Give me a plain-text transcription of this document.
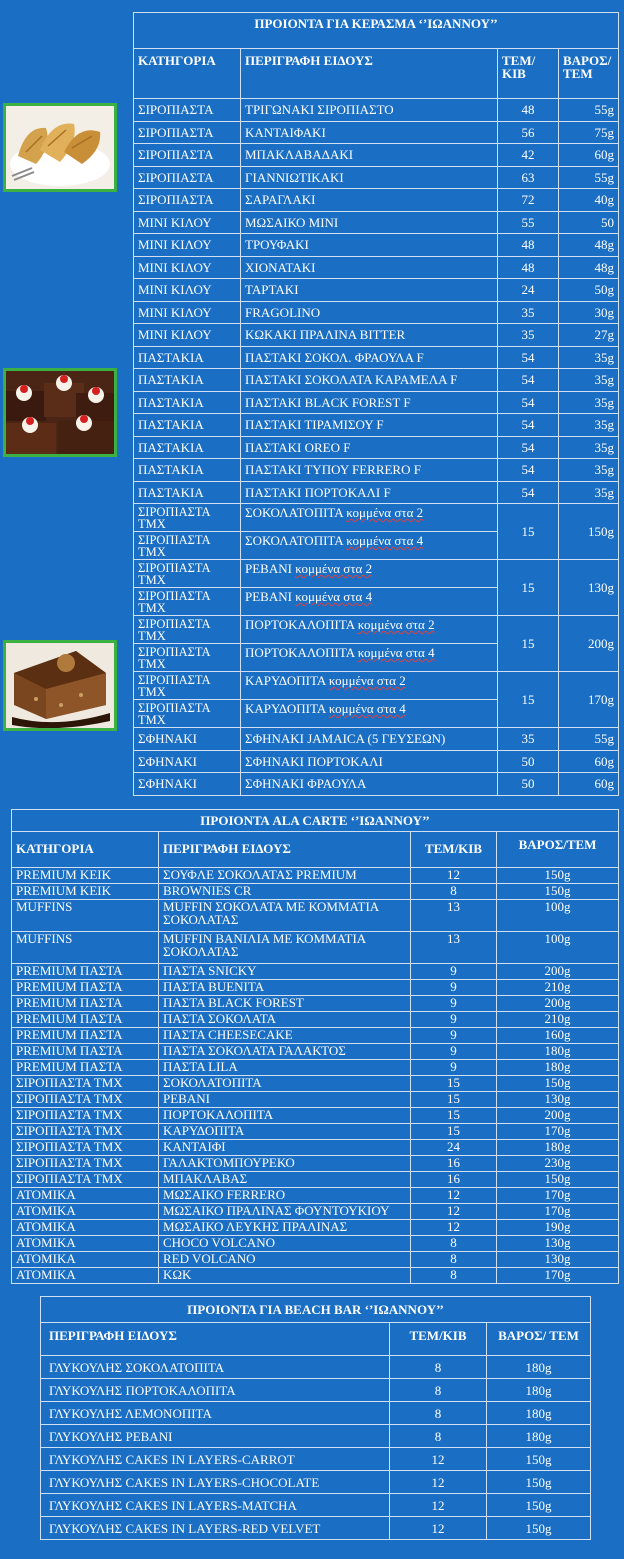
ΠΡΟΙΟΝΤΑ ΓΙΑ ΚΕΡΑΣΜΑ ‘’ΙΩΑΝΝΟΥ’’			
ΚΑΤΗΓΟΡΙΑ	ΠΕΡΙΓΡΑΦΗ ΕΙΔΟΥΣ	ΤΕΜ/ΚΙΒ	ΒΑΡΟΣ/ ΤΕΜ
ΣΙΡΟΠΙΑΣΤΑ	ΤΡΙΓΩΝΑΚΙ ΣΙΡΟΠΙΑΣΤΟ	48	55g
ΣΙΡΟΠΙΑΣΤΑ	ΚΑΝΤΑΙΦΑΚΙ	56	75g
ΣΙΡΟΠΙΑΣΤΑ	ΜΠΑΚΛΑΒΑΔΑΚΙ	42	60g
ΣΙΡΟΠΙΑΣΤΑ	ΓΙΑΝΝΙΩΤΙΚΑΚΙ	63	55g
ΣΙΡΟΠΙΑΣΤΑ	ΣΑΡΑΓΛΑΚΙ	72	40g
ΜΙΝΙ ΚΙΛΟΥ	ΜΩΣΑΙΚΟ ΜΙΝΙ	55	50
ΜΙΝΙ ΚΙΛΟΥ	ΤΡΟΥΦΑΚΙ	48	48g
ΜΙΝΙ ΚΙΛΟΥ	ΧΙΟΝΑΤΑΚΙ	48	48g
ΜΙΝΙ ΚΙΛΟΥ	ΤΑΡΤΑΚΙ	24	50g
ΜΙΝΙ ΚΙΛΟΥ	FRAGOLINO	35	30g
ΜΙΝΙ ΚΙΛΟΥ	ΚΩΚΑΚΙ ΠΡΑΛΙΝΑ BITTER	35	27g
ΠΑΣΤΑΚΙΑ	ΠΑΣΤΑΚΙ ΣΟΚΟΛ. ΦΡΑΟΥΛΑ F	54	35g
ΠΑΣΤΑΚΙΑ	ΠΑΣΤΑΚΙ ΣΟΚΟΛΑΤΑ ΚΑΡΑΜΕΛΑ F	54	35g
ΠΑΣΤΑΚΙΑ	ΠΑΣΤΑΚΙ BLACK FOREST F	54	35g
ΠΑΣΤΑΚΙΑ	ΠΑΣΤΑΚΙ ΤΙΡΑΜΙΣΟΥ F	54	35g
ΠΑΣΤΑΚΙΑ	ΠΑΣΤΑΚΙ OREO F	54	35g
ΠΑΣΤΑΚΙΑ	ΠΑΣΤΑΚΙ ΤΥΠΟΥ FERRERO F	54	35g
ΠΑΣΤΑΚΙΑ	ΠΑΣΤΑΚΙ ΠΟΡΤΟΚΑΛΙ F	54	35g
ΣΙΡΟΠΙΑΣΤΑ ΤΜΧ	ΣΟΚΟΛΑΤΟΠΙΤΑ κομμένα στα 2	15	150g
ΣΙΡΟΠΙΑΣΤΑ ΤΜΧ	ΣΟΚΟΛΑΤΟΠΙΤΑ κομμένα στα 4		
ΣΙΡΟΠΙΑΣΤΑ ΤΜΧ	ΡΕΒΑΝΙ κομμένα στα 2	15	130g
ΣΙΡΟΠΙΑΣΤΑ ΤΜΧ	ΡΕΒΑΝΙ κομμένα στα 4		
ΣΙΡΟΠΙΑΣΤΑ ΤΜΧ	ΠΟΡΤΟΚΑΛΟΠΙΤΑ κομμένα στα 2	15	200g
ΣΙΡΟΠΙΑΣΤΑ ΤΜΧ	ΠΟΡΤΟΚΑΛΟΠΙΤΑ κομμένα στα 4		
ΣΙΡΟΠΙΑΣΤΑ ΤΜΧ	ΚΑΡΥΔΟΠΙΤΑ κομμένα στα 2	15	170g
ΣΙΡΟΠΙΑΣΤΑ ΤΜΧ	ΚΑΡΥΔΟΠΙΤΑ κομμένα στα 4		
ΣΦΗΝΑΚΙ	ΣΦΗΝΑΚΙ JAMAICA (5 ΓΕΥΣΕΩΝ)	35	55g
ΣΦΗΝΑΚΙ	ΣΦΗΝΑΚΙ ΠΟΡΤΟΚΑΛΙ	50	60g
ΣΦΗΝΑΚΙ	ΣΦΗΝΑΚΙ ΦΡΑΟΥΛΑ	50	60g
ΠΡΟΙΟΝΤΑ ALA CARTE ‘’ΙΩΑΝΝΟΥ’’			
ΚΑΤΗΓΟΡΙΑ	ΠΕΡΙΓΡΑΦΗ ΕΙΔΟΥΣ	ΤΕΜ/ΚΙΒ	ΒΑΡΟΣ/ΤΕΜ
PREMIUM ΚΕΙΚ	ΣΟΥΦΛΕ ΣΟΚΟΛΑΤΑΣ PREMIUM	12	150g
PREMIUM ΚΕΙΚ	BROWNIES CR	8	150g
MUFFINS	MUFFIN ΣΟΚΟΛΑΤΑ ΜΕ ΚΟΜΜΑΤΙΑ ΣΟΚΟΛΑΤΑΣ	13	100g
MUFFINS	MUFFIN ΒΑΝΙΛΙΑ ΜΕ ΚΟΜΜΑΤΙΑ ΣΟΚΟΛΑΤΑΣ	13	100g
PREMIUM ΠΑΣΤΑ	ΠΑΣΤΑ SNICKY	9	200g
PREMIUM ΠΑΣΤΑ	ΠΑΣΤΑ BUENITA	9	210g
PREMIUM ΠΑΣΤΑ	ΠΑΣΤΑ BLACK FOREST	9	200g
PREMIUM ΠΑΣΤΑ	ΠΑΣΤΑ ΣΟΚΟΛΑΤΑ	9	210g
PREMIUM ΠΑΣΤΑ	ΠΑΣΤΑ CHEESECAKE	9	160g
PREMIUM ΠΑΣΤΑ	ΠΑΣΤΑ ΣΟΚΟΛΑΤΑ ΓΑΛΑΚΤΟΣ	9	180g
PREMIUM ΠΑΣΤΑ	ΠΑΣΤΑ LILA	9	180g
ΣΙΡΟΠΙΑΣΤΑ ΤΜΧ	ΣΟΚΟΛΑΤΟΠΙΤΑ	15	150g
ΣΙΡΟΠΙΑΣΤΑ ΤΜΧ	ΡΕΒΑΝΙ	15	130g
ΣΙΡΟΠΙΑΣΤΑ ΤΜΧ	ΠΟΡΤΟΚΑΛΟΠΙΤΑ	15	200g
ΣΙΡΟΠΙΑΣΤΑ ΤΜΧ	ΚΑΡΥΔΟΠΙΤΑ	15	170g
ΣΙΡΟΠΙΑΣΤΑ ΤΜΧ	ΚΑΝΤΑΙΦΙ	24	180g
ΣΙΡΟΠΙΑΣΤΑ ΤΜΧ	ΓΑΛΑΚΤΟΜΠΟΥΡΕΚΟ	16	230g
ΣΙΡΟΠΙΑΣΤΑ ΤΜΧ	ΜΠΑΚΛΑΒΑΣ	16	150g
ΑΤΟΜΙΚΑ	ΜΩΣΑΙΚΟ FERRERO	12	170g
ΑΤΟΜΙΚΑ	ΜΩΣΑΙΚΟ ΠΡΑΛΙΝΑΣ ΦΟΥΝΤΟΥΚΙΟΥ	12	170g
ΑΤΟΜΙΚΑ	ΜΩΣΑΙΚΟ ΛΕΥΚΗΣ ΠΡΑΛΙΝΑΣ	12	190g
ΑΤΟΜΙΚΑ	CHOCO VOLCANO	8	130g
ΑΤΟΜΙΚΑ	RED VOLCANO	8	130g
ΑΤΟΜΙΚΑ	ΚΩΚ	8	170g
ΠΡΟΙΟΝΤΑ ΓΙΑ BEACH BAR ‘’ΙΩΑΝΝΟΥ’’		
ΠΕΡΙΓΡΑΦΗ ΕΙΔΟΥΣ	ΤΕΜ/ΚΙΒ	ΒΑΡΟΣ/ ΤΕΜ
ΓΛΥΚΟΥΛΗΣ ΣΟΚΟΛΑΤΟΠΙΤΑ	8	180g
ΓΛΥΚΟΥΛΗΣ ΠΟΡΤΟΚΑΛΟΠΙΤΑ	8	180g
ΓΛΥΚΟΥΛΗΣ ΛΕΜΟΝΟΠΙΤΑ	8	180g
ΓΛΥΚΟΥΛΗΣ ΡΕΒΑΝΙ	8	180g
ΓΛΥΚΟΥΛΗΣ CAKES IN LAYERS-CARROT	12	150g
ΓΛΥΚΟΥΛΗΣ CAKES IN LAYERS-CHOCOLATE	12	150g
ΓΛΥΚΟΥΛΗΣ CAKES IN LAYERS-MATCHA	12	150g
ΓΛΥΚΟΥΛΗΣ CAKES IN LAYERS-RED VELVET	12	150g
